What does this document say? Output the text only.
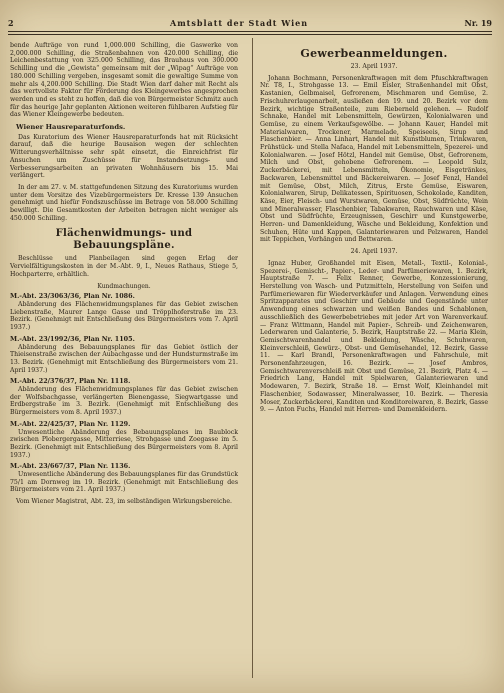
2	Amtsblatt der Stadt Wien	Nr. 19

bende Aufträge von rund 1,000.000 Schilling, die Gaswerke von 2,000.000 Schilling, die Straßenbahnen von 420.000 Schilling, die Leichenbestattung von 325.000 Schilling, das Brauhaus von 300.000 Schilling und die „Gewista“ gemeinsam mit der „Wipag“ Aufträge von 180.000 Schilling vergeben, insgesamt somit die gewaltige Summe von mehr als 4,200.000 Schilling. Die Stadt Wien darf daher mit Recht als das wertvollste Faktor für Förderung des Kleingewerbes angesprochen werden und es steht zu hoffen, daß die von Bürgermeister Schmitz auch für das heurige Jahr geplanten Aktionen weiteren fühlbaren Aufstieg für das Wiener Kleingewerbe bedeuten.

Wiener Hausreparaturfonds.

Das Kuratorium des Wiener Hausreparaturfonds hat mit Rücksicht darauf, daß die heurige Bausaison wegen der schlechten Witterungsverhältnisse sehr spät einsetzt, die Einreichfrist für Ansuchen um Zuschüsse für Instandsetzungs- und Verbesserungsarbeiten an privaten Wohnhäusern bis 15. Mai verlängert.

In der am 27. v. M. stattgefundenen Sitzung des Kuratoriums wurden unter dem Vorsitze des Vizebürgermeisters Dr. Kresse 139 Ansuchen genehmigt und hiefür Fondszuschüsse im Betrage von 58.000 Schilling bewilligt. Die Gesamtkosten der Arbeiten betragen nicht weniger als 450.000 Schilling.

Flächenwidmungs- und Bebauungspläne.

Beschlüsse und Planbeilagen sind gegen Erlag der Vervielfältigungskosten in der M.-Abt. 9, I., Neues Rathaus, Stiege 5, Hochparterre, erhältlich.

Kundmachungen.
M.-Abt. 23/3063/36, Plan Nr. 1086.

Abänderung des Flächenwidmungsplanes für das Gebiet zwischen Liebenstraße, Maurer Lange Gasse und Tröpplhoferstraße im 23. Bezirk. (Genehmigt mit Entschließung des Bürgermeisters vom 7. April 1937.)

M.-Abt. 23/1992/36, Plan Nr. 1105.

Abänderung des Bebauungsplanes für das Gebiet östlich der Thieisenstraße zwischen der Aubachgasse und der Hundsturmstraße im 13. Bezirk. (Genehmigt mit Entschließung des Bürgermeisters vom 21. April 1937.)

M.-Abt. 22/376/37, Plan Nr. 1118.

Abänderung des Flächenwidmungsplanes für das Gebiet zwischen der Wolfsbachgasse, verlängerten Bienengasse, Siegwartgasse und Erdbergstraße im 3. Bezirk. (Genehmigt mit Entschließung des Bürgermeisters vom 8. April 1937.)

M.-Abt. 22/425/37, Plan Nr. 1129.

Unwesentliche Abänderung des Bebauungsplanes im Baublock zwischen Plobergergasse, Mitterriese, Strohgasse und Zoegasse im 5. Bezirk. (Genehmigt mit Entschließung des Bürgermeisters vom 8. April 1937.)

M.-Abt. 23/667/37, Plan Nr. 1136.

Unwesentliche Abänderung des Bebauungsplanes für das Grundstück 75/1 am Dornweg im 19. Bezirk. (Genehmigt mit Entschließung des Bürgermeisters vom 21. April 1937.)

Vom Wiener Magistrat, Abt. 23, im selbständigen Wirkungsbereiche.
Gewerbeanmeldungen.
23. April 1937.

Johann Bochmann, Personenkraftwagen mit dem Pfuschkraftwagen Nr. T8, I., Strohgasse 13. — Emil Eisler, Straßenhandel mit Obst, Kastanien, Gelbmaisel, Gefrorenem, Mischmaren und Gemüse, 2. Frischuhrerlaugenarbeit, ausließen den 19. und 20. Bezirk vor dem Bezirk, wichtige Straßenteile, zum Rieberneld gelehen. — Rudolf Schnake, Handel mit Lebensmitteln, Gewürzen, Kolonialwaren und Gemüse, zu einem Verkaufsgewölbe. — Johann Kauer, Handel mit Materialwaren, Trockener, Marmelade, Speiseeis, Sirup und Flaschenbier. — Anna Linhart, Handel mit Kunstblumen, Trinkwaren, Frühstück- und Stella Nafaca, Handel mit Lebensmitteln, Spezerei- und Kolonialwaren. — Josef Hötzl, Handel mit Gemüse, Obst, Gefrorenem, Milch und Obst, gehobene Gefrorenem. — Leopold Sulz, Zuckerbäckerei, mit Lebensmitteln, Ökonomie, Eisgetränkes, Backwaren, Lebensmittel und Bäckereiwaren. — Josef Fenzl, Handel mit Gemüse, Obst, Milch, Zitrus, Erste Gemüse, Eiswaren, Kolonialwaren, Sirup, Delikatessen, Spirituosen, Schokolade, Kanditen, Käse, Eier, Fleisch- und Wurstwaren, Gemüse, Obst, Südfrüchte, Wein und Mineralwasser, Flaschenbier, Tabakwaren, Rauchwaren und Käse, Obst und Südfrüchte, Erzeugnissen, Geschirr und Kunstgewerbe, Herren- und Damenkleidung, Wäsche und Bekleidung, Konfektion und Schuhen, Hüte und Kappen, Galanteriewaren und Pelzwaren, Handel mit Teppichen, Vorhängen und Bettwaren.

24. April 1937.

Ignaz Huber, Großhandel mit Eisen, Metall-, Textil-, Kolonial-, Spezerei-, Gemischt-, Papier-, Leder- und Parfümeriewaren, 1. Bezirk, Hauptstraße 7. — Felix Renner, Gewerbe, Konzessionierung, Herstellung von Wasch- und Putzmitteln, Herstellung von Seifen und Parfümeriewaren für Wiederverkäufer und Anlagen. Verwendung eines Spritzapparates und Geschirr und Gebäude und Gegenstände unter Anwendung eines schwarzen und weißen Bandes und Schablonen, ausschließlich des Gewerbebetriebes mit jeder Art von Warenverkauf. — Franz Wittmann, Handel mit Papier-, Schreib- und Zeichenwaren, Lederwaren und Galanterie, 5. Bezirk, Hauptstraße 22. — Maria Klein, Gemischtwarenhandel und Bekleidung, Wäsche, Schuhwaren, Kleinverschleiß, Gewürz-, Obst- und Gemüsehandel, 12. Bezirk, Gasse 11. — Karl Brandl, Personenkraftwagen und Fahrschule, mit Personenfahrzeugen, 16. Bezirk. — Josef Ambros, Gemischtwarenverschleiß mit Obst und Gemüse, 21. Bezirk, Platz 4. — Friedrich Lang, Handel mit Spielwaren, Galanteriewaren und Modewaren, 7. Bezirk, Straße 18. — Ernst Wolf, Kleinhandel mit Flaschenbier, Sodawasser, Mineralwasser, 10. Bezirk. — Theresia Moser, Zuckerbäckerei, Kanditen und Konditoreiwaren, 8. Bezirk, Gasse 9. — Anton Fuchs, Handel mit Herren- und Damenkleidern.
